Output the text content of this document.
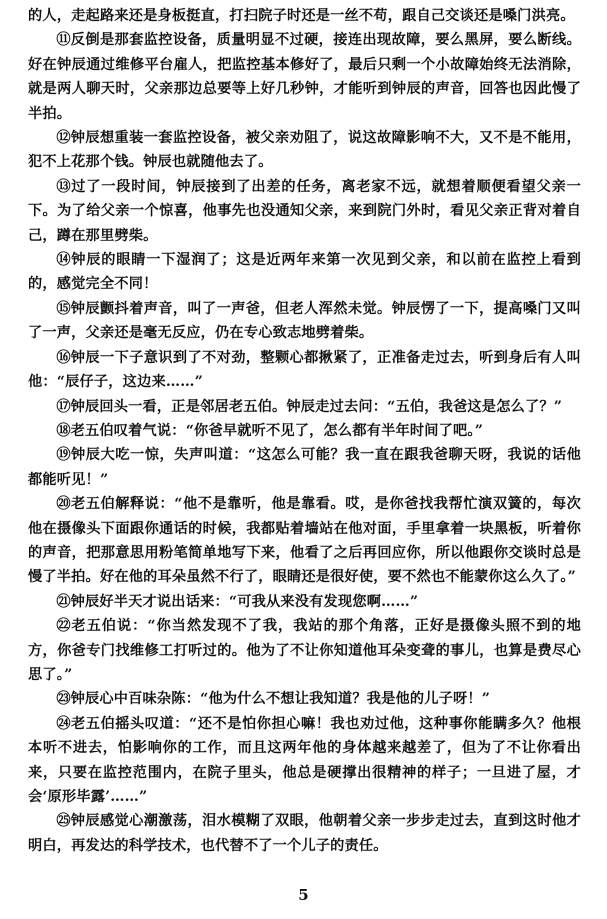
的人，走起路来还是身板挺直，打扫院子时还是一丝不苟，跟自己交谈还是嗓门洪亮。

⑪反倒是那套监控设备，质量明显不过硬，接连出现故障，要么黑屏，要么断线。好在钟辰通过维修平台雇人，把监控基本修好了，最后只剩一个小故障始终无法消除，就是两人聊天时，父亲那边总要等上好几秒钟，才能听到钟辰的声音，回答也因此慢了半拍。

⑫钟辰想重装一套监控设备，被父亲劝阻了，说这故障影响不大，又不是不能用，犯不上花那个钱。钟辰也就随他去了。

⑬过了一段时间，钟辰接到了出差的任务，离老家不远，就想着顺便看望父亲一下。为了给父亲一个惊喜，他事先也没通知父亲，来到院门外时，看见父亲正背对着自己，蹲在那里劈柴。

⑭钟辰的眼睛一下湿润了；这是近两年来第一次见到父亲，和以前在监控上看到的，感觉完全不同！

⑮钟辰颤抖着声音，叫了一声爸，但老人浑然未觉。钟辰愣了一下，提高嗓门又叫了一声，父亲还是毫无反应，仍在专心致志地劈着柴。

⑯钟辰一下子意识到了不对劲，整颗心都揪紧了，正准备走过去，听到身后有人叫他：“辰仔子，这边来……”

⑰钟辰回头一看，正是邻居老五伯。钟辰走过去问：“五伯，我爸这是怎么了？”

⑱老五伯叹着气说：“你爸早就听不见了，怎么都有半年时间了吧。”

⑲钟辰大吃一惊，失声叫道：“这怎么可能？我一直在跟我爸聊天呀，我说的话他都能听见！”

⑳老五伯解释说：“他不是靠听，他是靠看。哎，是你爸找我帮忙演双簧的，每次他在摄像头下面跟你通话的时候，我都贴着墙站在他对面，手里拿着一块黑板，听着你的声音，把那意思用粉笔简单地写下来，他看了之后再回应你，所以他跟你交谈时总是慢了半拍。好在他的耳朵虽然不行了，眼睛还是很好使，要不然也不能蒙你这么久了。”

㉑钟辰好半天才说出话来：“可我从来没有发现您啊……”

㉒老五伯说：“你当然发现不了我，我站的那个角落，正好是摄像头照不到的地方，你爸专门找维修工打听过的。他为了不让你知道他耳朵变聋的事儿，也算是费尽心思了。”

㉓钟辰心中百味杂陈：“他为什么不想让我知道？我是他的儿子呀！”

㉔老五伯摇头叹道：“还不是怕你担心嘛！我也劝过他，这种事你能瞒多久？他根本听不进去，怕影响你的工作，而且这两年他的身体越来越差了，但为了不让你看出来，只要在监控范围内，在院子里头，他总是硬撑出很精神的样子；一旦进了屋，才会‘原形毕露’……”

㉕钟辰感觉心潮激荡，泪水模糊了双眼，他朝着父亲一步步走过去，直到这时他才明白，再发达的科学技术，也代替不了一个儿子的责任。

5
